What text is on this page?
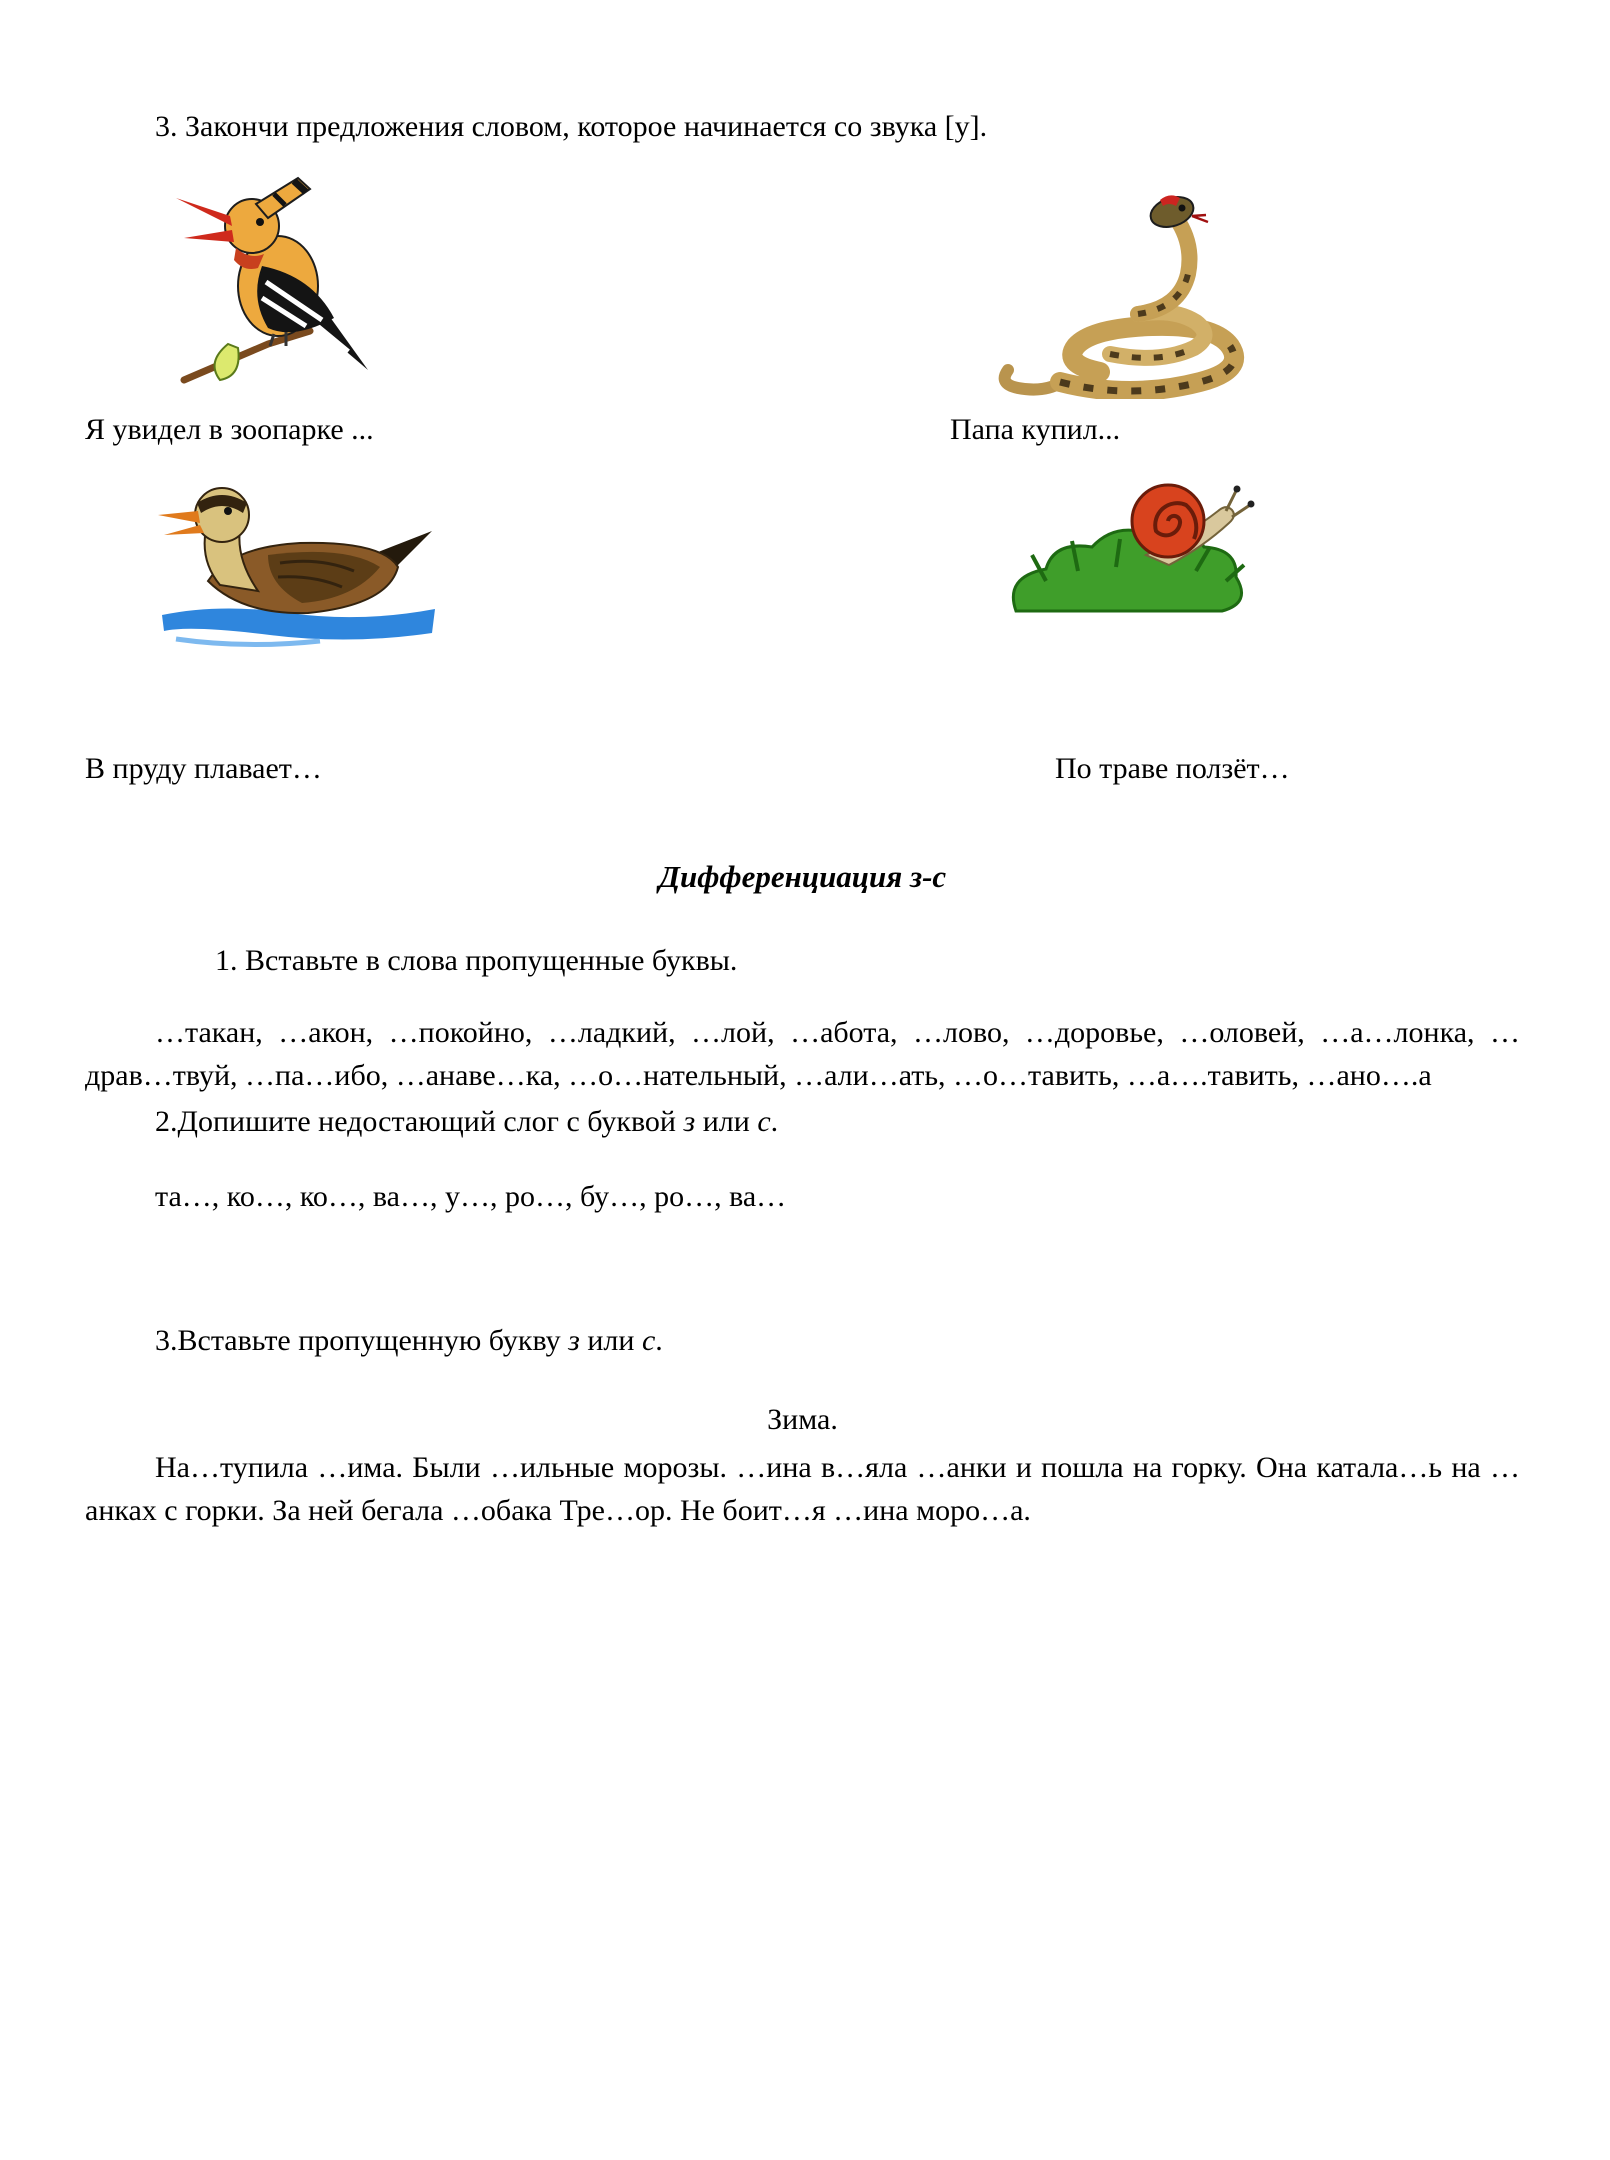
3. Закончи предложения словом, которое начинается со звука [у].

Я увидел в зоопарке ...	Папа купил...
В пруду плавает…	По траве ползёт…

Дифференциация з-с

1. Вставьте в слова пропущенные буквы.

…такан, …акон, …покойно, …ладкий, …лой, …абота, …лово, …доровье, …оловей, …а…лонка, …драв…твуй, …па…ибо, …анаве…ка, …о…нательный, …али…ать, …о…тавить, …а….тавить, …ано….а

2.Допишите недостающий слог с буквой з или с.

та…, ко…, ко…, ва…, у…, ро…, бу…, ро…, ва…

3.Вставьте пропущенную букву з или с.

Зима.

На…тупила …има. Были …ильные морозы. …ина в…яла …анки и пошла на горку. Она катала…ь на … анках с горки. За ней бегала …обака Тре…ор. Не боит…я …ина моро…а.
